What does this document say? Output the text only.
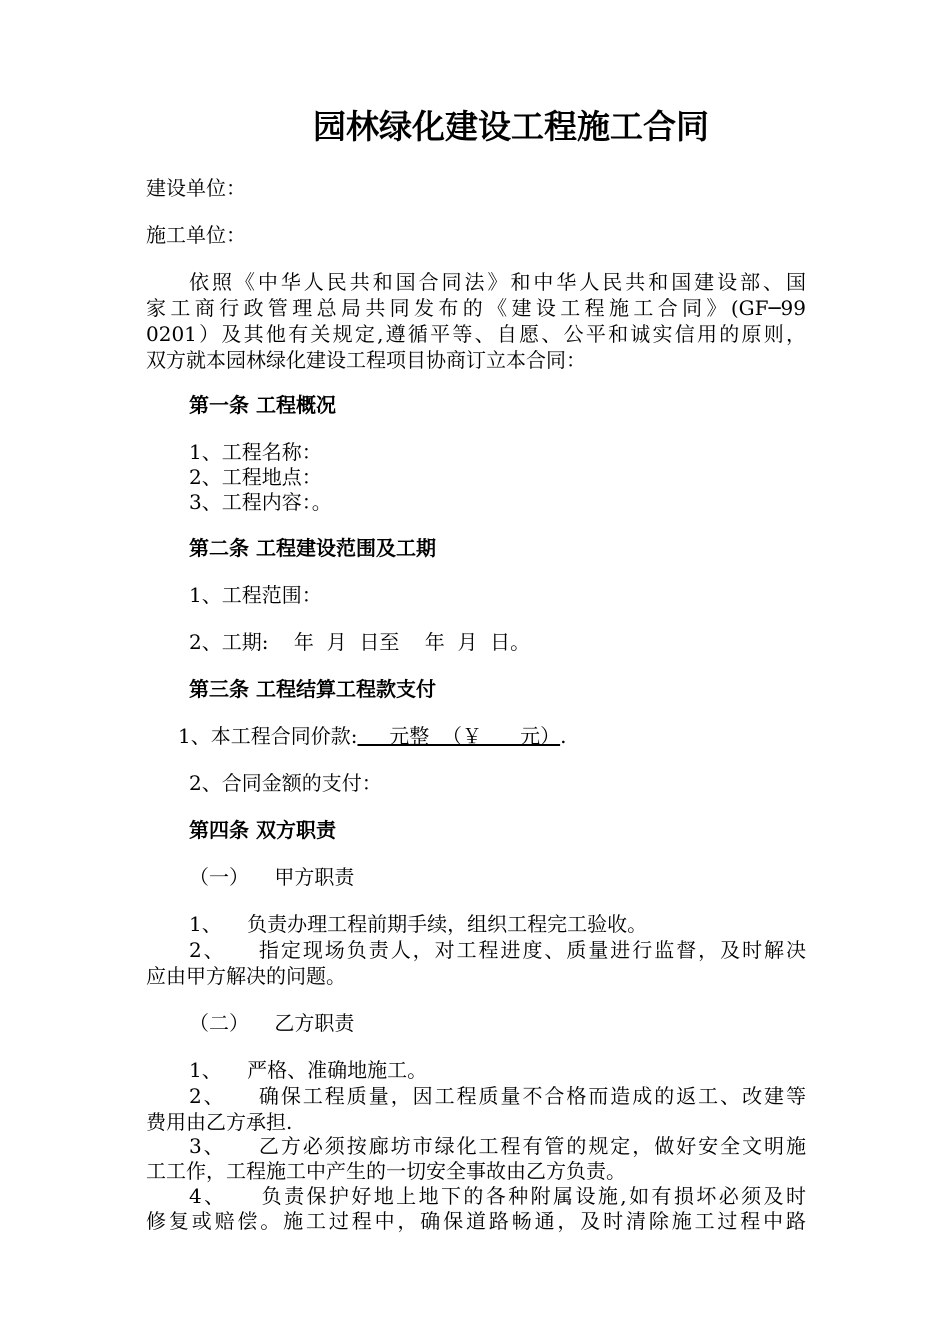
园林绿化建设工程施工合同
建设单位：
施工单位：
依照《中华人民共和国合同法》和中华人民共和国建设部、国
家工商行政管理总局共同发布的《建设工程施工合同》(GF─99
0201）及其他有关规定,遵循平等、自愿、公平和诚实信用的原则，
双方就本园林绿化建设工程项目协商订立本合同：
第一条 工程概况
1、工程名称：
2、工程地点：
3、工程内容：。
第二条 工程建设范围及工期
1、工程范围：
2、工期:    年  月  日至    年  月  日。
第三条 工程结算工程款支付
1、本工程合同价款:     元整  （￥      元）.
2、合同金额的支付：
第四条 双方职责
（一）    甲方职责
1、    负责办理工程前期手续，组织工程完工验收。
2、    指定现场负责人，对工程进度、质量进行监督，及时解决
应由甲方解决的问题。
（二）    乙方职责
1、    严格、准确地施工。
2、    确保工程质量，因工程质量不合格而造成的返工、改建等
费用由乙方承担.
3、    乙方必须按廊坊市绿化工程有管的规定，做好安全文明施
工工作，工程施工中产生的一切安全事故由乙方负责。
4、    负责保护好地上地下的各种附属设施,如有损坏必须及时
修复或赔偿。施工过程中，确保道路畅通，及时清除施工过程中路
